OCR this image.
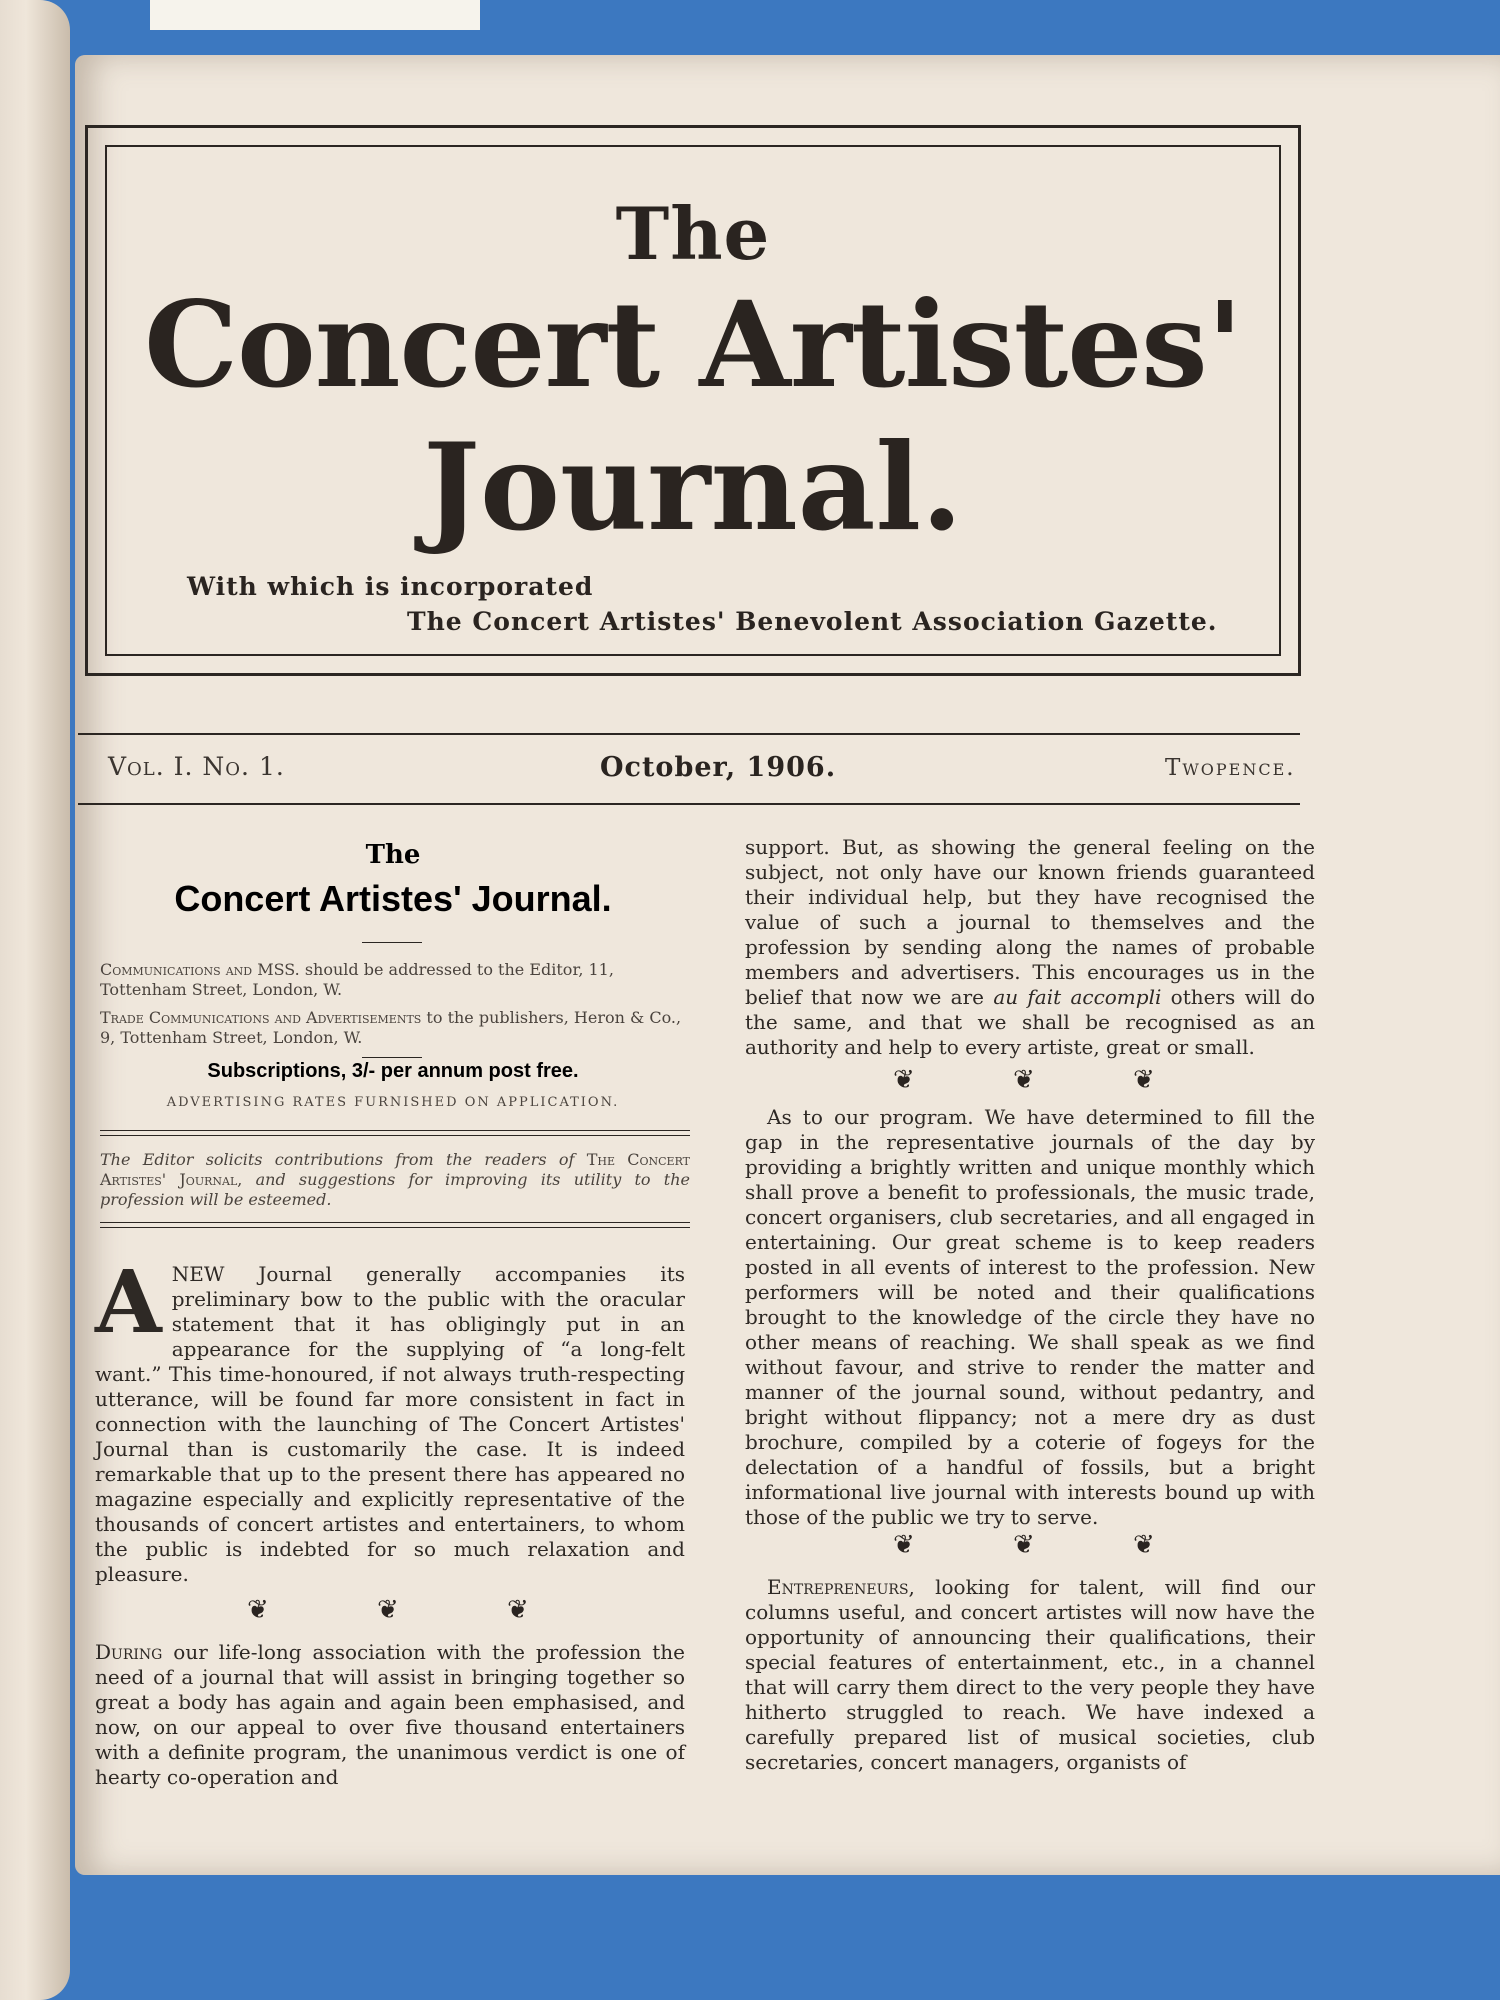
The
Concert Artistes'
Journal.
With which is incorporated
The Concert Artistes' Benevolent Association Gazette.
Vol. I. No. 1.	October, 1906.	Twopence.
The
Concert Artistes' Journal.
Communications and MSS. should be addressed to the Editor, 11, Tottenham Street, London, W.
Trade Communications and Advertisements to the publishers, Heron & Co., 9, Tottenham Street, London, W.
Subscriptions, 3/- per annum post free.
ADVERTISING RATES FURNISHED ON APPLICATION.
The Editor solicits contributions from the readers of The Concert Artistes' Journal, and suggestions for improving its utility to the profession will be esteemed.
A NEW Journal generally accompanies its preliminary bow to the public with the oracular statement that it has obligingly put in an appearance for the supplying of “a long-felt want.” This time-honoured, if not always truth-respecting utterance, will be found far more consistent in fact in connection with the launching of The Concert Artistes' Journal than is customarily the case. It is indeed remarkable that up to the present there has appeared no magazine especially and explicitly representative of the thousands of concert artistes and entertainers, to whom the public is indebted for so much relaxation and pleasure.
❦	❦	❦
During our life-long association with the profession the need of a journal that will assist in bringing together so great a body has again and again been emphasised, and now, on our appeal to over five thousand entertainers with a definite program, the unanimous verdict is one of hearty co-operation and
support. But, as showing the general feeling on the subject, not only have our known friends guaranteed their individual help, but they have recognised the value of such a journal to themselves and the profession by sending along the names of probable members and advertisers. This encourages us in the belief that now we are au fait accompli others will do the same, and that we shall be recognised as an authority and help to every artiste, great or small.
❦	❦	❦
As to our program. We have determined to fill the gap in the representative journals of the day by providing a brightly written and unique monthly which shall prove a benefit to professionals, the music trade, concert organisers, club secretaries, and all engaged in entertaining. Our great scheme is to keep readers posted in all events of interest to the profession. New performers will be noted and their qualifications brought to the knowledge of the circle they have no other means of reaching. We shall speak as we find without favour, and strive to render the matter and manner of the journal sound, without pedantry, and bright without flippancy; not a mere dry as dust brochure, compiled by a coterie of fogeys for the delectation of a handful of fossils, but a bright informational live journal with interests bound up with those of the public we try to serve.
❦	❦	❦
Entrepreneurs, looking for talent, will find our columns useful, and concert artistes will now have the opportunity of announcing their qualifications, their special features of entertainment, etc., in a channel that will carry them direct to the very people they have hitherto struggled to reach. We have indexed a carefully prepared list of musical societies, club secretaries, concert managers, organists of
